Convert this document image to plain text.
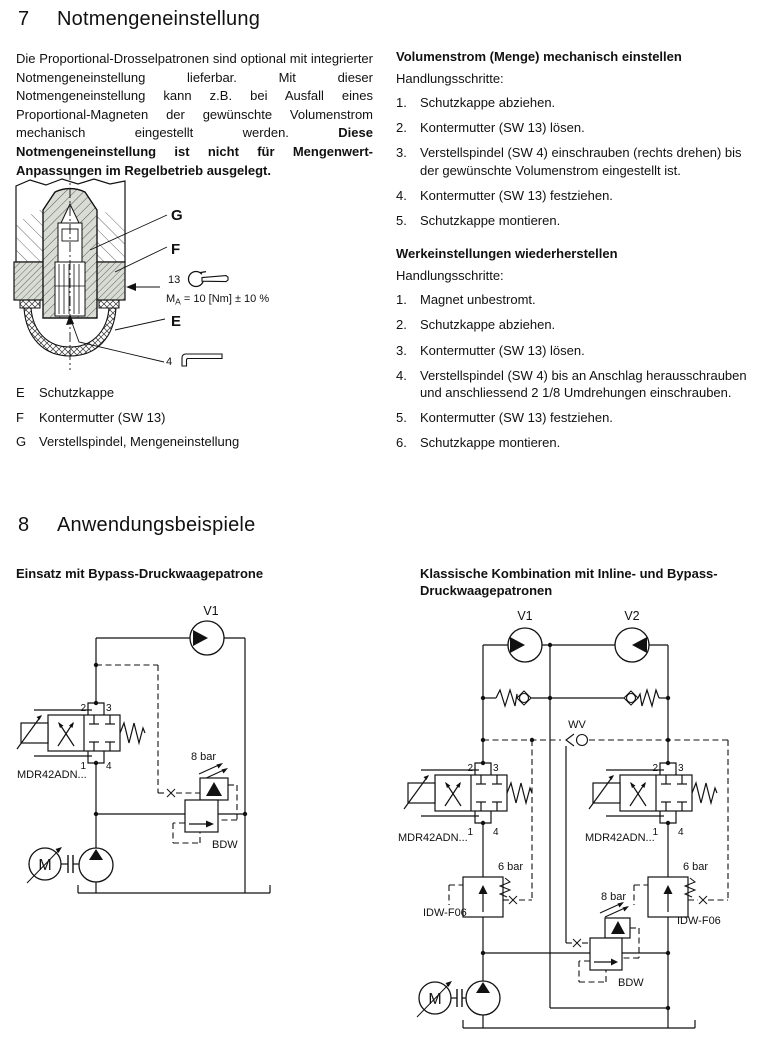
7 Notmengeneinstellung

Die Proportional-Drosselpatronen sind optional mit integrierter Notmengeneinstellung lieferbar. Mit dieser Notmengeneinstellung kann z.B. bei Ausfall eines Proportional-Magneten der gewünschte Volumenstrom mechanisch eingestellt werden. Diese Notmengeneinstellung ist nicht für Mengenwert-Anpassungen im Regelbetrieb ausgelegt.

G
F
E
13
$M_A = 10$ [Nm] ± 10 %
4
E	Schutzkappe
F	Kontermutter (SW 13)
G Verstellspindel, Mengeneinstellung
Volumenstrom (Menge) mechanisch einstellen
Handlungsschritte:
1.	Schutzkappe abziehen.
2.	Kontermutter (SW 13) lösen.
3.	Verstellspindel (SW 4) einschrauben (rechts drehen) bis der gewünschte Volumenstrom eingestellt ist.
4.	Kontermutter (SW 13) festziehen.
5.	Schutzkappe montieren.
Werkeinstellungen wiederherstellen
Handlungsschritte:
1.	Magnet unbestromt.
2.	Schutzkappe abziehen.
3.	Kontermutter (SW 13) lösen.
4.	Verstellspindel (SW 4) bis an Anschlag herausschrauben und anschliessend 2 1/8 Umdrehungen einschrauben.
5.	Kontermutter (SW 13) festziehen.
6.	Schutzkappe montieren.
8 Anwendungsbeispiele

Einsatz mit Bypass-Druckwaagepatrone	Klassische Kombination mit Inline- und Bypass-Druckwaagepatronen

V1
2 3
1 4
MDR42ADN...
8 bar
BDW
M
V1	V2
WV
2 3
1 4
MDR42ADN...
2 3
1 4
MDR42ADN...
6 bar
IDW-F06
6 bar
IDW-F06
8 bar
BDW
M
